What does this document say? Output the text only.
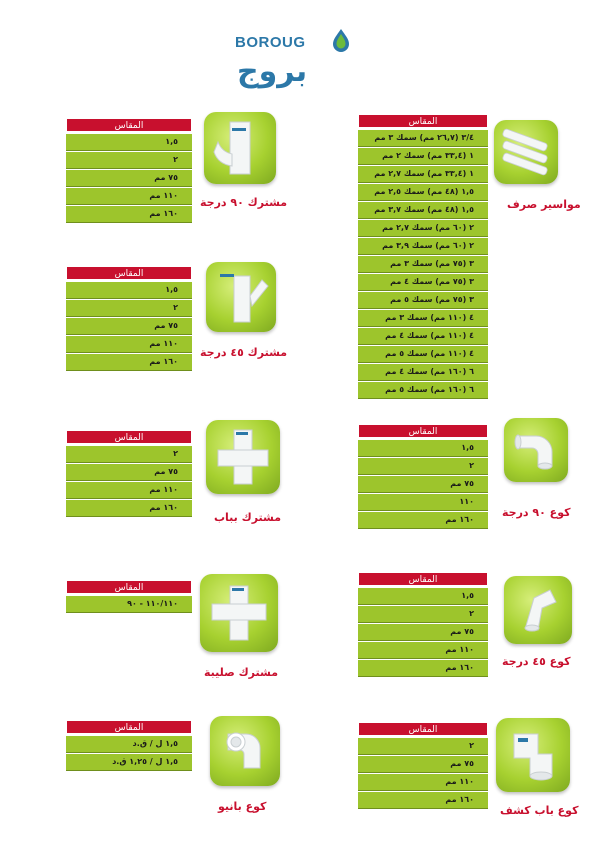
BOROUG
بروج
المقاس
٣/٤ (٢٦,٧ مم) سمك ٣ مم
١ (٣٣,٤ مم) سمك ٢ مم
١ (٣٣,٤ مم) سمك ٢,٧ مم
١,٥ (٤٨ مم) سمك ٢,٥ مم
١,٥ (٤٨ مم) سمك ٣,٧ مم
٢ (٦٠ مم) سمك ٢,٧ مم
٢ (٦٠ مم) سمك ٣,٩ مم
٣ (٧٥ مم) سمك ٣ مم
٣ (٧٥ مم) سمك ٤ مم
٣ (٧٥ مم) سمك ٥ مم
٤ (١١٠ مم) سمك ٣ مم
٤ (١١٠ مم) سمك ٤ مم
٤ (١١٠ مم) سمك ٥ مم
٦ (١٦٠ مم) سمك ٤ مم
٦ (١٦٠ مم) سمك ٥ مم
مواسير صرف
المقاس
١,٥
٢
٧٥ مم
١١٠
١٦٠ مم
كوع ٩٠ درجة
المقاس
١,٥
٢
٧٥ مم
١١٠ مم
١٦٠ مم	كوع ٤٥ درجة
المقاس
٢
٧٥ مم
١١٠ مم
١٦٠ مم
كوع باب كشف
المقاس
١,٥
٢
٧٥ مم
١١٠ مم
١٦٠ مم
مشترك ٩٠ درجة
المقاس
١,٥
٢
٧٥ مم
١١٠ مم
١٦٠ مم
مشترك ٤٥ درجة
المقاس
٢
٧٥ مم
١١٠ مم
١٦٠ مم
مشترك بباب
المقاس
١١٠/١١٠ - ٩٠
مشترك صليبة
المقاس
١,٥ ل / ق.د
١,٥ ل / ١,٢٥ ق.د
كوع بانيو
